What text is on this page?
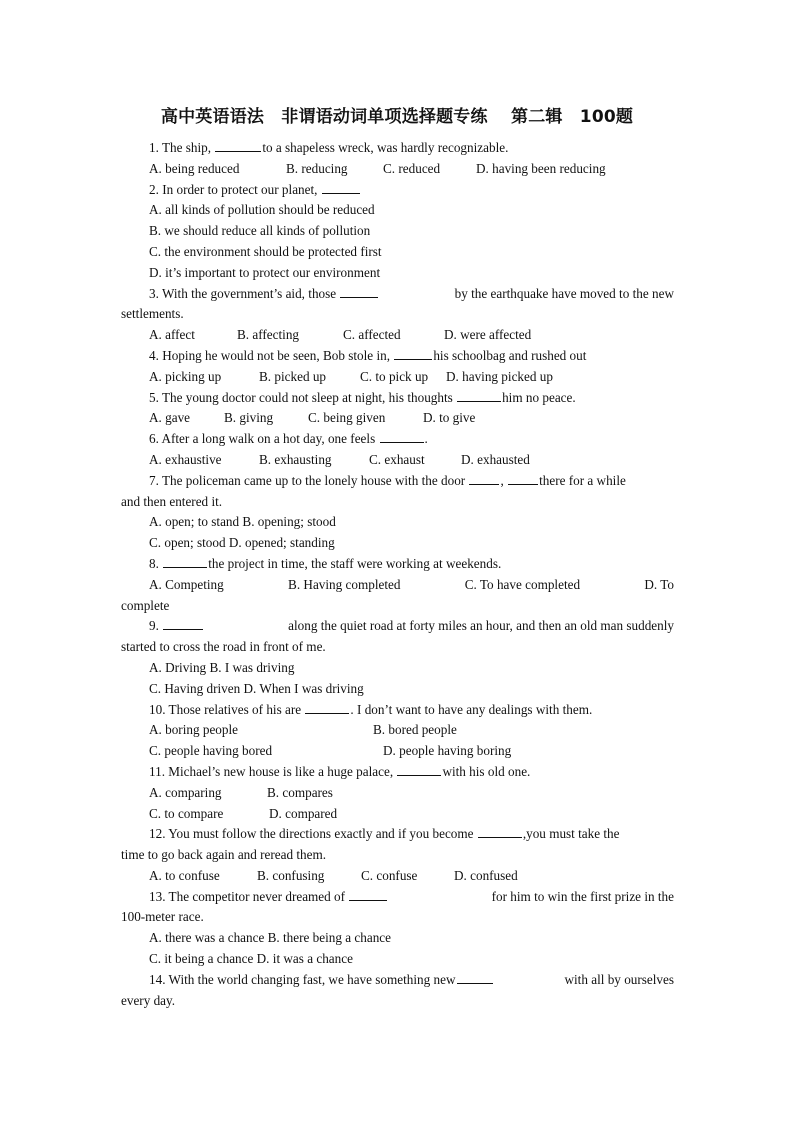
高中英语语法　非谓语动词单项选择题专练　 第二辑　100题
1. The ship,	to a shapeless wreck, was hardly recognizable.
A. being reduced	B. reducing	C. reduced	D. having been reducing
2. In order to protect our planet,
A. all kinds of pollution should be reduced
B. we should reduce all kinds of pollution
C. the environment should be protected first
D. it’s important to protect our environment
3. With the government’s aid, those	by the earthquake have moved to the new
settlements.
A. affect	B. affecting	C. affected	D. were affected
4. Hoping he would not be seen, Bob stole in,	his schoolbag and rushed out
A. picking up	B. picked up	C. to pick up	D. having picked up
5. The young doctor could not sleep at night, his thoughts	him no peace.
A. gave	B. giving	C. being given	D. to give
6. After a long walk on a hot day, one feels	.
A. exhaustive	B. exhausting	C. exhaust	D. exhausted
7. The policeman came up to the lonely house with the door , there for a while
and then entered it.
A. open; to stand B. opening; stood
C. open; stood D. opened; standing
8.	the project in time, the staff were working at weekends.
A. Competing	B. Having completed	C. To have completed	D. To
complete
9.	along the quiet road at forty miles an hour, and then an old man suddenly
started to cross the road in front of me.
A. Driving B. I was driving
C. Having driven D. When I was driving
10. Those relatives of his are	. I don’t want to have any dealings with them.
A. boring people	B. bored people
C. people having bored	D. people having boring
11. Michael’s new house is like a huge palace,	with his old one.
A. comparing	B. compares
C. to compare	D. compared
12. You must follow the directions exactly and if you become	,you must take the
time to go back again and reread them.
A. to confuse	B. confusing	C. confuse	D. confused
13. The competitor never dreamed of	for him to win the first prize in the
100-meter race.
A. there was a chance B. there being a chance
C. it being a chance D. it was a chance
14. With the world changing fast, we have something new	with all by ourselves
every day.
